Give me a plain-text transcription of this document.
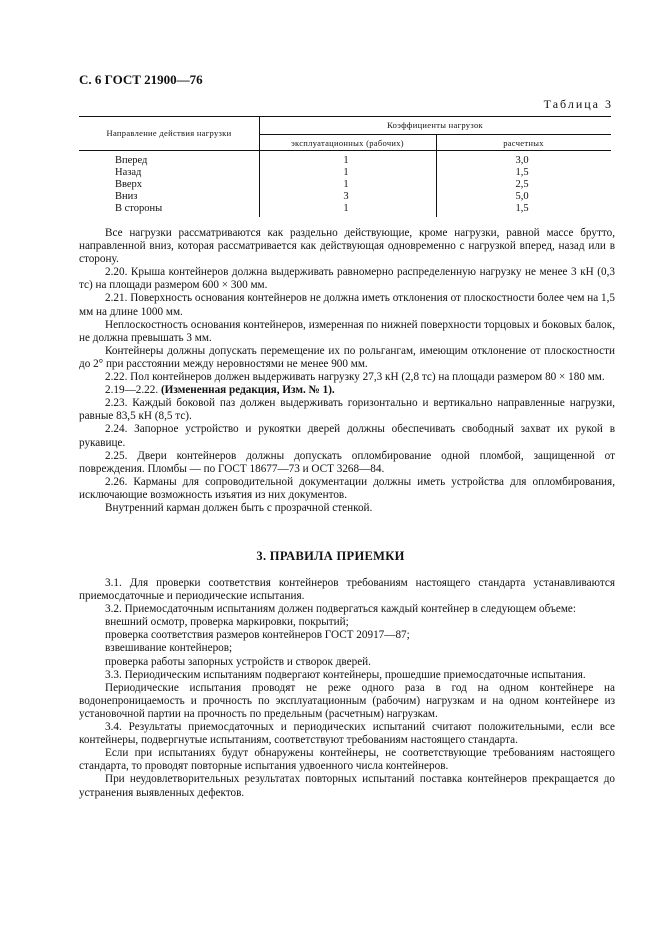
С. 6 ГОСТ 21900—76
Таблица 3
Направление действия нагрузки
Коэффициенты нагрузок
эксплуатационных (рабочих)	расчетных
Вперед	1	3,0
Назад	1	1,5
Вверх	1	2,5
Вниз	3	5,0
В стороны	1	1,5

Все нагрузки рассматриваются как раздельно действующие, кроме нагрузки, равной массе брутто, направленной вниз, которая рассматривается как действующая одновременно с нагрузкой вперед, назад или в сторону.

2.20. Крыша контейнеров должна выдерживать равномерно распределенную нагрузку не менее 3 кН (0,3 тс) на площади размером 600 × 300 мм.

2.21. Поверхность основания контейнеров не должна иметь отклонения от плоскостности более чем на 1,5 мм на длине 1000 мм.

Неплоскостность основания контейнеров, измеренная по нижней поверхности торцовых и боковых балок, не должна превышать 3 мм.

Контейнеры должны допускать перемещение их по рольгангам, имеющим отклонение от плоскостности до 2° при расстоянии между неровностями не менее 900 мм.

2.22. Пол контейнеров должен выдерживать нагрузку 27,3 кН (2,8 тс) на площади размером 80 × 180 мм.

2.19—2.22. (Измененная редакция, Изм. № 1).

2.23. Каждый боковой паз должен выдерживать горизонтально и вертикально направленные нагрузки, равные 83,5 кН (8,5 тс).

2.24. Запорное устройство и рукоятки дверей должны обеспечивать свободный захват их рукой в рукавице.

2.25. Двери контейнеров должны допускать опломбирование одной пломбой, защищенной от повреждения. Пломбы — по ГОСТ 18677—73 и ОСТ 3268—84.

2.26. Карманы для сопроводительной документации должны иметь устройства для опломбирования, исключающие возможность изъятия из них документов.

Внутренний карман должен быть с прозрачной стенкой.

3. ПРАВИЛА ПРИЕМКИ

3.1. Для проверки соответствия контейнеров требованиям настоящего стандарта устанавливаются приемосдаточные и периодические испытания.

3.2. Приемосдаточным испытаниям должен подвергаться каждый контейнер в следующем объеме:

внешний осмотр, проверка маркировки, покрытий;

проверка соответствия размеров контейнеров ГОСТ 20917—87;

взвешивание контейнеров;

проверка работы запорных устройств и створок дверей.

3.3. Периодическим испытаниям подвергают контейнеры, прошедшие приемосдаточные испытания.

Периодические испытания проводят не реже одного раза в год на одном контейнере на водонепроницаемость и прочность по эксплуатационным (рабочим) нагрузкам и на одном контейнере из установочной партии на прочность по предельным (расчетным) нагрузкам.

3.4. Результаты приемосдаточных и периодических испытаний считают положительными, если все контейнеры, подвергнутые испытаниям, соответствуют требованиям настоящего стандарта.

Если при испытаниях будут обнаружены контейнеры, не соответствующие требованиям настоящего стандарта, то проводят повторные испытания удвоенного числа контейнеров.

При неудовлетворительных результатах повторных испытаний поставка контейнеров прекращается до устранения выявленных дефектов.
